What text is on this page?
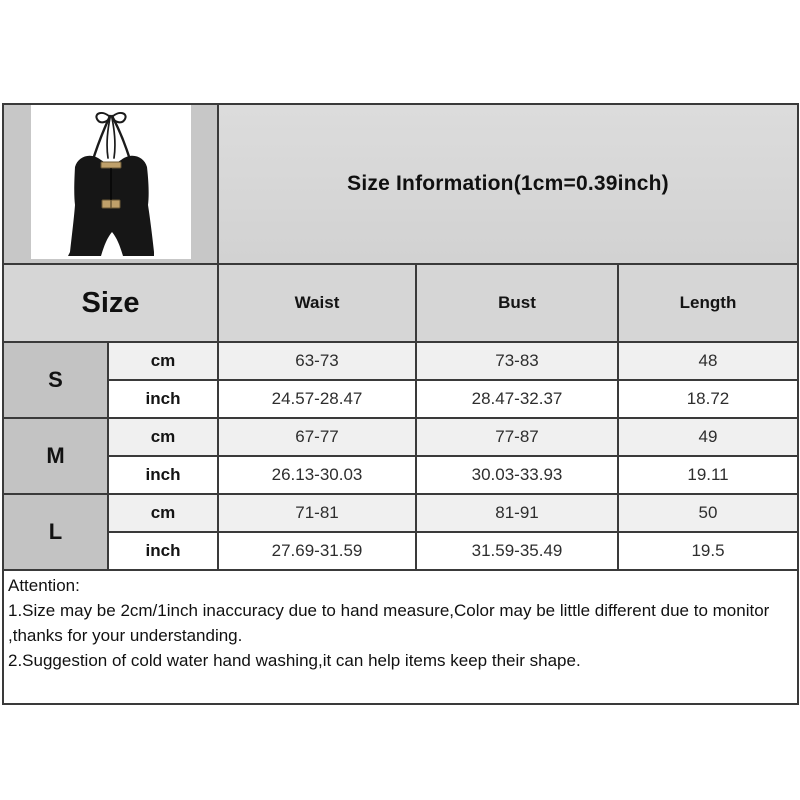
	Size Information(1cm=0.39inch)		
Size		Waist	Bust	Length
S	cm	63-73	73-83	48
	inch	24.57-28.47	28.47-32.37	18.72
M	cm	67-77	77-87	49
	inch	26.13-30.03	30.03-33.93	19.11
L	cm	71-81	81-91	50
	inch	27.69-31.59	31.59-35.49	19.5

Attention:
1.Size may be 2cm/1inch inaccuracy due to hand measure,Color may be little different due to monitor
,thanks for your understanding.
2.Suggestion of cold water hand washing,it can help items keep their shape.				
